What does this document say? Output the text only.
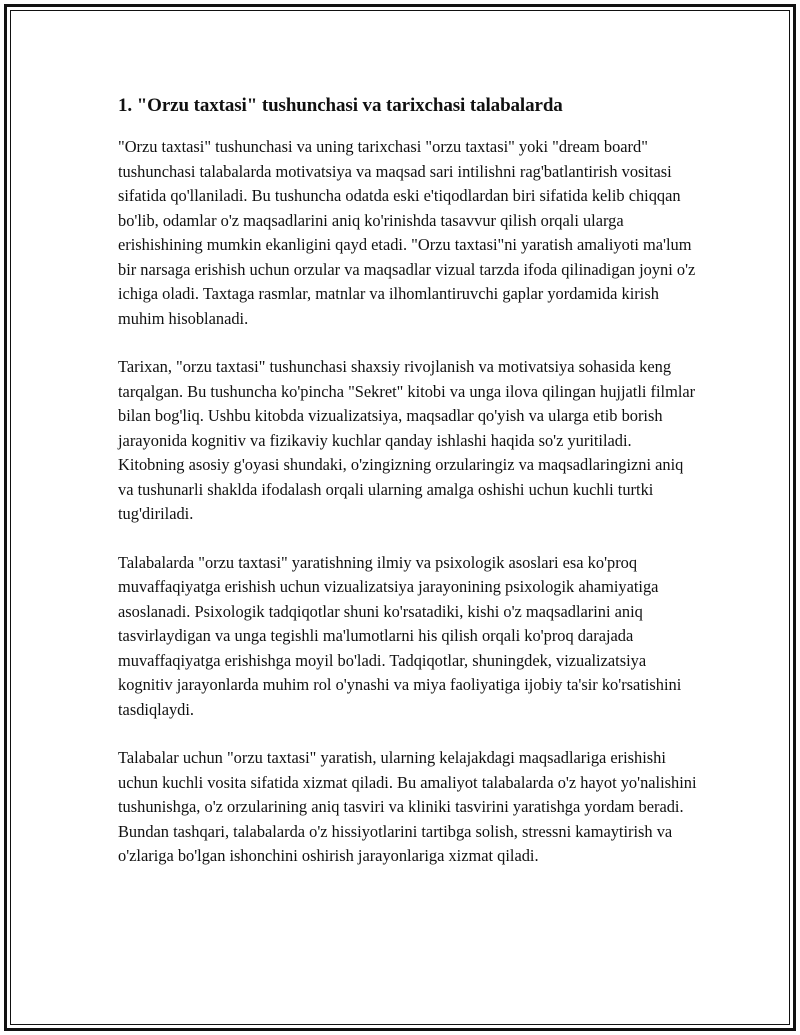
1. "Orzu taxtasi" tushunchasi va tarixchasi talabalarda

"Orzu taxtasi" tushunchasi va uning tarixchasi "orzu taxtasi" yoki "dream board" tushunchasi talabalarda motivatsiya va maqsad sari intilishni rag'batlantirish vositasi sifatida qo'llaniladi. Bu tushuncha odatda eski e'tiqodlardan biri sifatida kelib chiqqan bo'lib, odamlar o'z maqsadlarini aniq ko'rinishda tasavvur qilish orqali ularga erishishining mumkin ekanligini qayd etadi. "Orzu taxtasi"ni yaratish amaliyoti ma'lum bir narsaga erishish uchun orzular va maqsadlar vizual tarzda ifoda qilinadigan joyni o'z ichiga oladi. Taxtaga rasmlar, matnlar va ilhomlantiruvchi gaplar yordamida kirish muhim hisoblanadi.

Tarixan, "orzu taxtasi" tushunchasi shaxsiy rivojlanish va motivatsiya sohasida keng tarqalgan. Bu tushuncha ko'pincha "Sekret" kitobi va unga ilova qilingan hujjatli filmlar bilan bog'liq. Ushbu kitobda vizualizatsiya, maqsadlar qo'yish va ularga etib borish jarayonida kognitiv va fizikaviy kuchlar qanday ishlashi haqida so'z yuritiladi. Kitobning asosiy g'oyasi shundaki, o'zingizning orzularingiz va maqsadlaringizni aniq va tushunarli shaklda ifodalash orqali ularning amalga oshishi uchun kuchli turtki tug'diriladi.

Talabalarda "orzu taxtasi" yaratishning ilmiy va psixologik asoslari esa ko'proq muvaffaqiyatga erishish uchun vizualizatsiya jarayonining psixologik ahamiyatiga asoslanadi. Psixologik tadqiqotlar shuni ko'rsatadiki, kishi o'z maqsadlarini aniq tasvirlaydigan va unga tegishli ma'lumotlarni his qilish orqali ko'proq darajada muvaffaqiyatga erishishga moyil bo'ladi. Tadqiqotlar, shuningdek, vizualizatsiya kognitiv jarayonlarda muhim rol o'ynashi va miya faoliyatiga ijobiy ta'sir ko'rsatishini tasdiqlaydi.

Talabalar uchun "orzu taxtasi" yaratish, ularning kelajakdagi maqsadlariga erishishi uchun kuchli vosita sifatida xizmat qiladi. Bu amaliyot talabalarda o'z hayot yo'nalishini tushunishga, o'z orzularining aniq tasviri va kliniki tasvirini yaratishga yordam beradi. Bundan tashqari, talabalarda o'z hissiyotlarini tartibga solish, stressni kamaytirish va o'zlariga bo'lgan ishonchini oshirish jarayonlariga xizmat qiladi.
